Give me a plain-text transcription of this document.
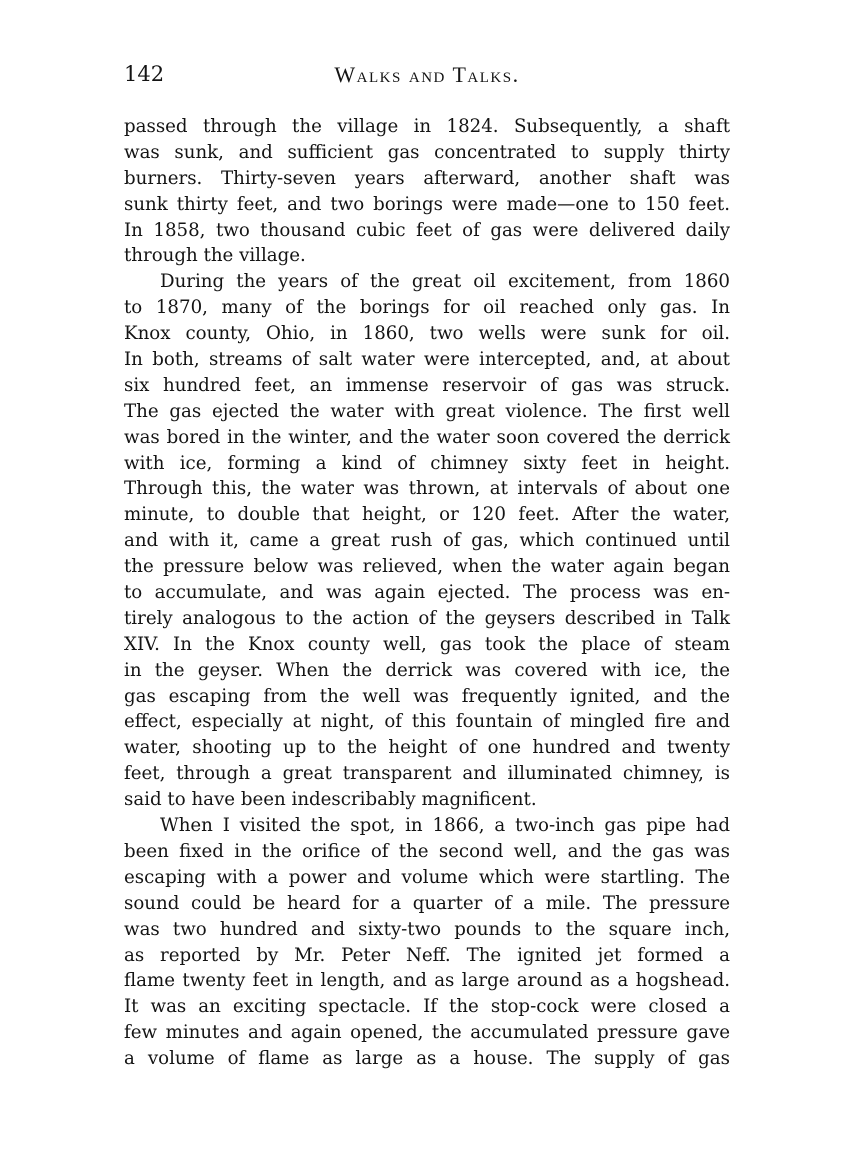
142	Walks and Talks.
passed through the village in 1824. Subsequently, a shaft
was sunk, and sufficient gas concentrated to supply thirty
burners. Thirty-seven years afterward, another shaft was
sunk thirty feet, and two borings were made—one to 150 feet.
In 1858, two thousand cubic feet of gas were delivered daily
through the village.
During the years of the great oil excitement, from 1860
to 1870, many of the borings for oil reached only gas. In
Knox county, Ohio, in 1860, two wells were sunk for oil.
In both, streams of salt water were intercepted, and, at about
six hundred feet, an immense reservoir of gas was struck.
The gas ejected the water with great violence. The first well
was bored in the winter, and the water soon covered the derrick
with ice, forming a kind of chimney sixty feet in height.
Through this, the water was thrown, at intervals of about one
minute, to double that height, or 120 feet. After the water,
and with it, came a great rush of gas, which continued until
the pressure below was relieved, when the water again began
to accumulate, and was again ejected. The process was en-
tirely analogous to the action of the geysers described in Talk
XIV. In the Knox county well, gas took the place of steam
in the geyser. When the derrick was covered with ice, the
gas escaping from the well was frequently ignited, and the
effect, especially at night, of this fountain of mingled fire and
water, shooting up to the height of one hundred and twenty
feet, through a great transparent and illuminated chimney, is
said to have been indescribably magnificent.
When I visited the spot, in 1866, a two-inch gas pipe had
been fixed in the orifice of the second well, and the gas was
escaping with a power and volume which were startling. The
sound could be heard for a quarter of a mile. The pressure
was two hundred and sixty-two pounds to the square inch,
as reported by Mr. Peter Neff. The ignited jet formed a
flame twenty feet in length, and as large around as a hogshead.
It was an exciting spectacle. If the stop-cock were closed a
few minutes and again opened, the accumulated pressure gave
a volume of flame as large as a house. The supply of gas
